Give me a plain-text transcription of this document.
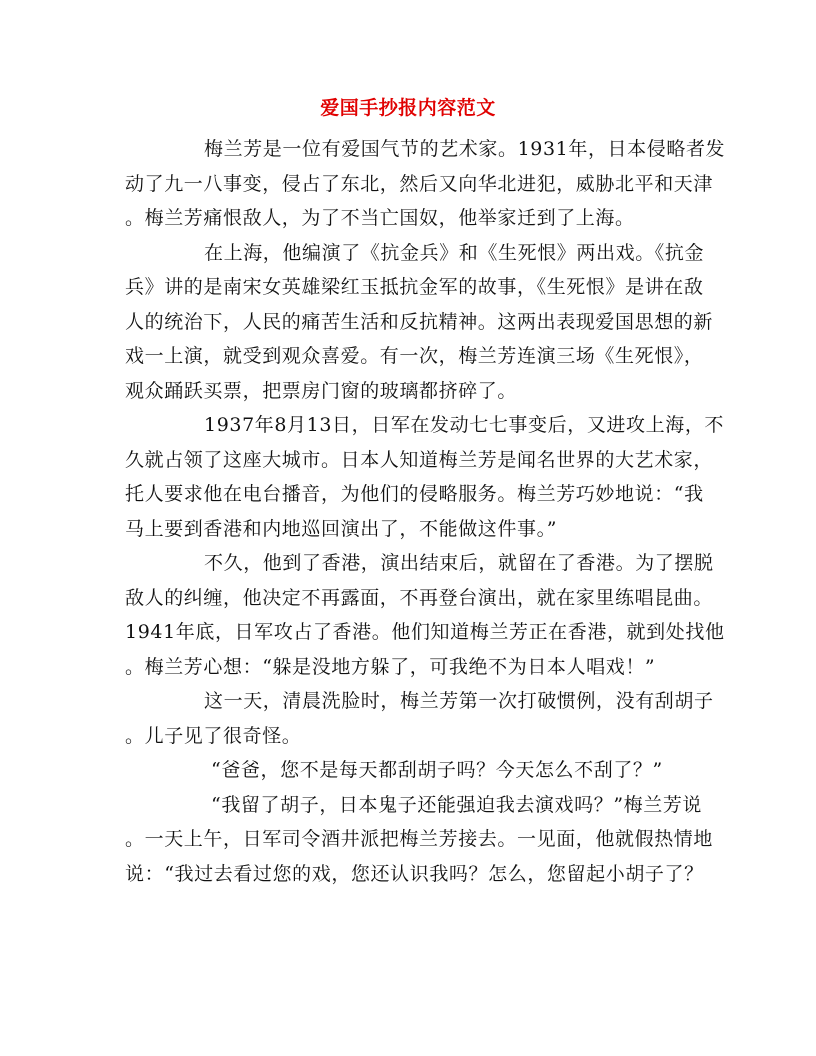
爱国手抄报内容范文
梅兰芳是一位有爱国气节的艺术家。1931年，日本侵略者发
动了九一八事变，侵占了东北，然后又向华北进犯，威胁北平和天津
。梅兰芳痛恨敌人，为了不当亡国奴，他举家迁到了上海。
在上海，他编演了《抗金兵》和《生死恨》两出戏。《抗金
兵》讲的是南宋女英雄梁红玉抵抗金军的故事，《生死恨》是讲在敌
人的统治下，人民的痛苦生活和反抗精神。这两出表现爱国思想的新
戏一上演，就受到观众喜爱。有一次，梅兰芳连演三场《生死恨》，
观众踊跃买票，把票房门窗的玻璃都挤碎了。
1937年8月13日，日军在发动七七事变后，又进攻上海，不
久就占领了这座大城市。日本人知道梅兰芳是闻名世界的大艺术家，
托人要求他在电台播音，为他们的侵略服务。梅兰芳巧妙地说：“我
马上要到香港和内地巡回演出了，不能做这件事。”
不久，他到了香港，演出结束后，就留在了香港。为了摆脱
敌人的纠缠，他决定不再露面，不再登台演出，就在家里练唱昆曲。
1941年底，日军攻占了香港。他们知道梅兰芳正在香港，就到处找他
。梅兰芳心想：“躲是没地方躲了，可我绝不为日本人唱戏！”
这一天，清晨洗脸时，梅兰芳第一次打破惯例，没有刮胡子
。儿子见了很奇怪。
“爸爸，您不是每天都刮胡子吗？今天怎么不刮了？”
“我留了胡子，日本鬼子还能强迫我去演戏吗？”梅兰芳说
。一天上午，日军司令酒井派把梅兰芳接去。一见面，他就假热情地
说：“我过去看过您的戏，您还认识我吗？怎么，您留起小胡子了？
